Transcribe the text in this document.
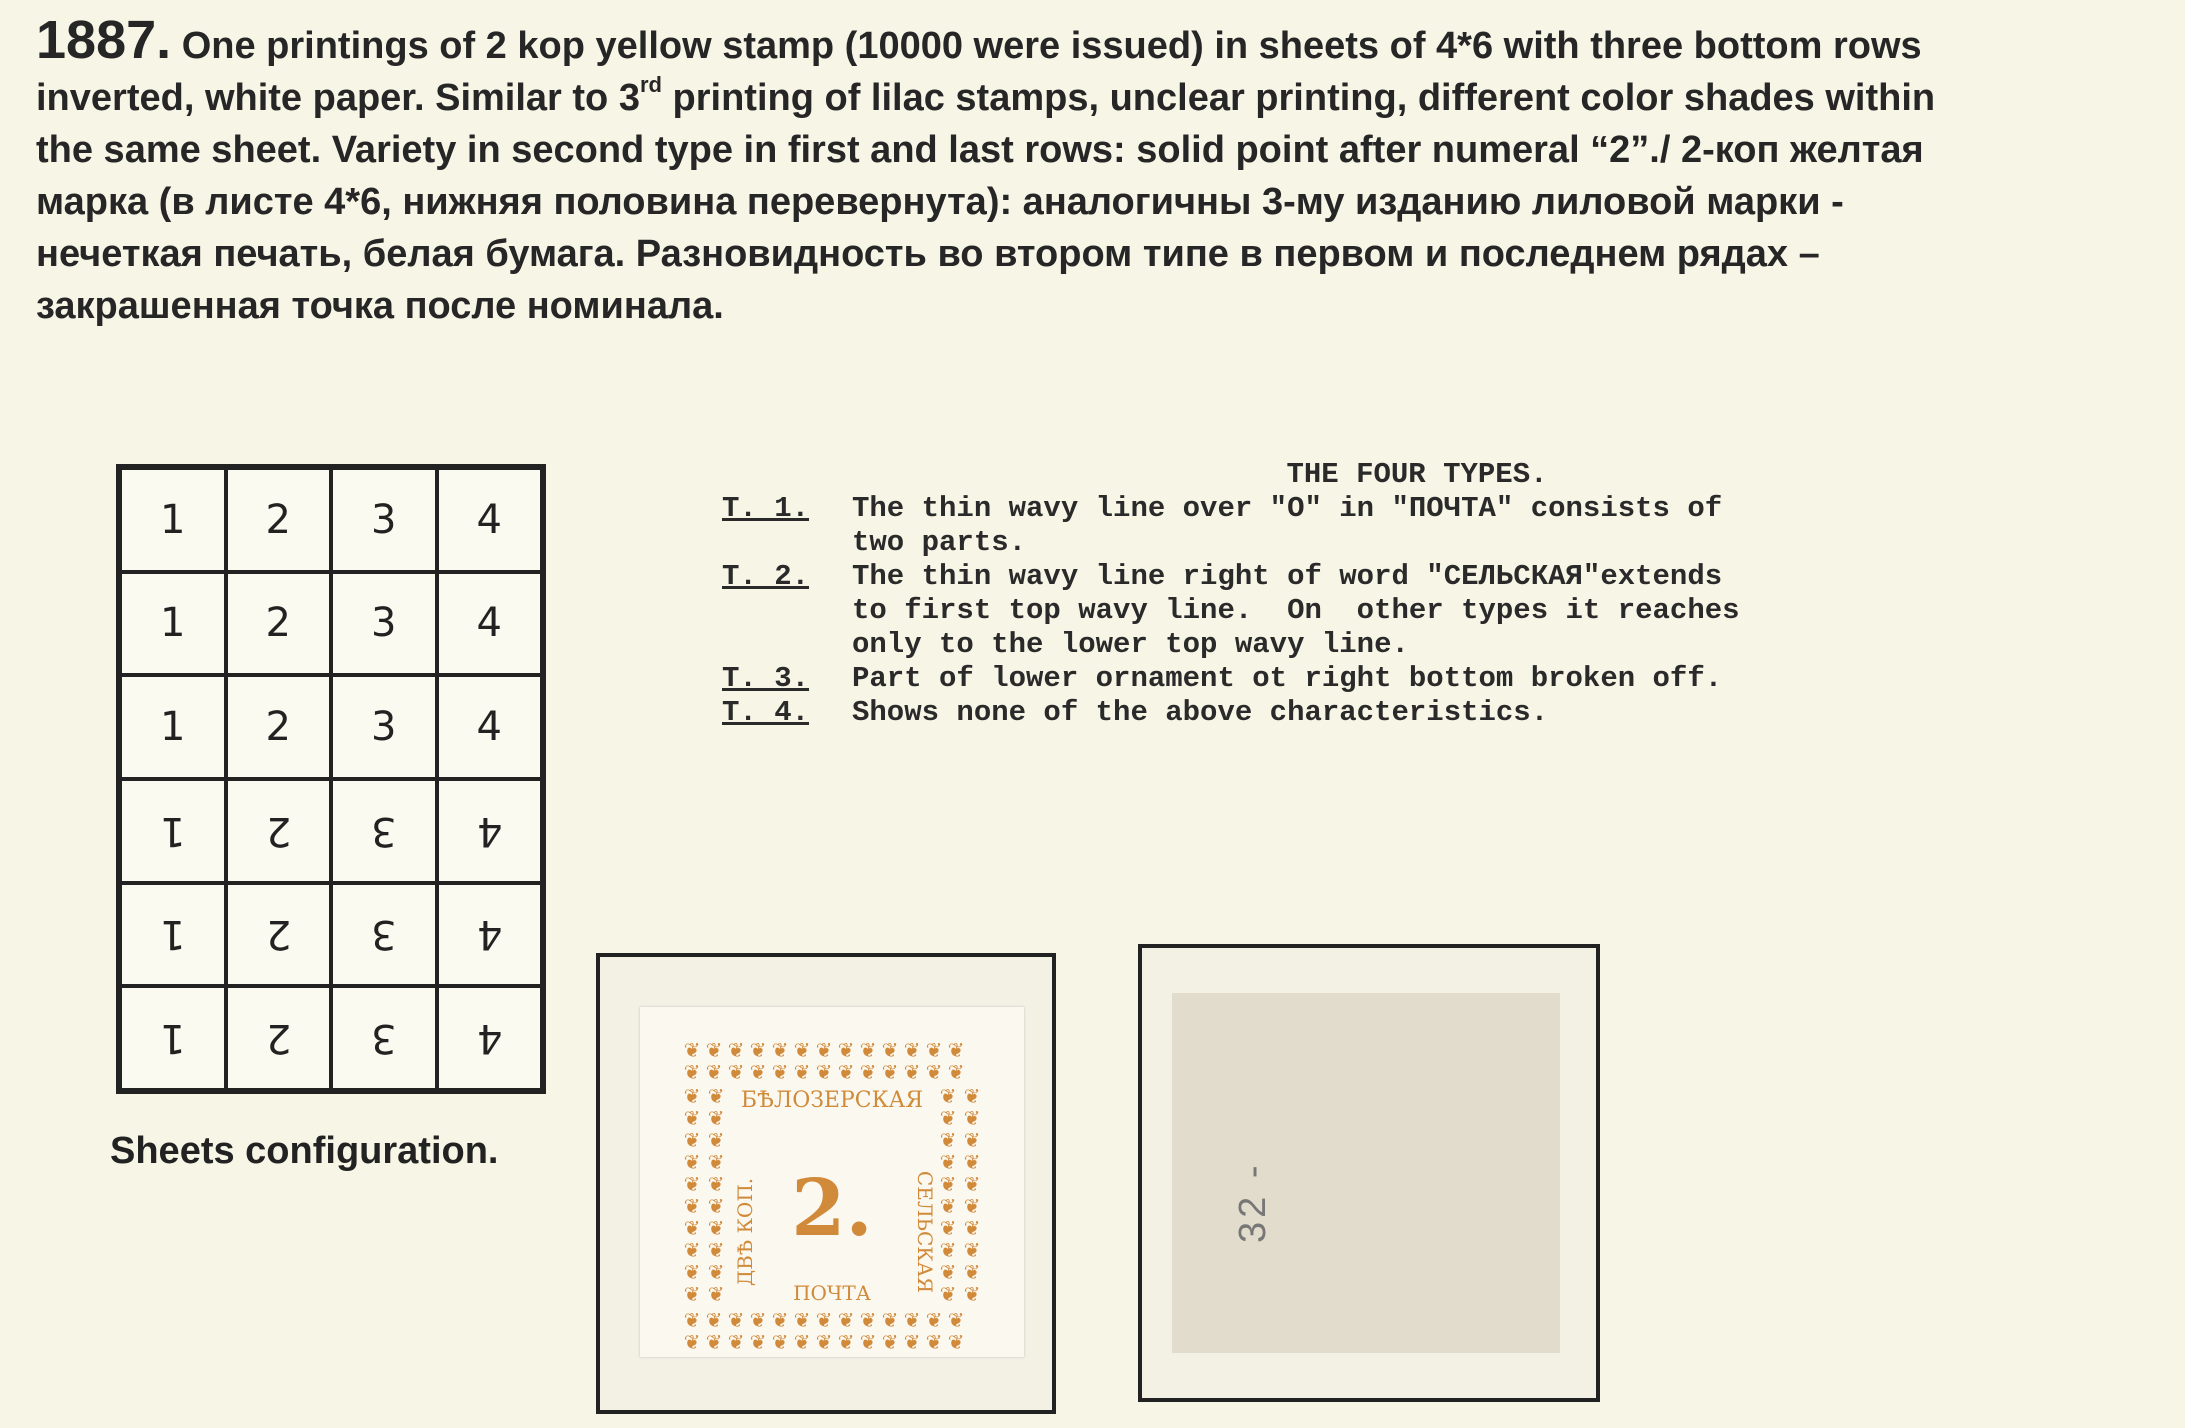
1887. One printings of 2 kop yellow stamp (10000 were issued) in sheets of 4*6 with three bottom rows
inverted, white paper. Similar to 3rd printing of lilac stamps, unclear printing, different color shades within
the same sheet. Variety in second type in first and last rows: solid point after numeral “2”./ 2-коп желтая
марка (в листе 4*6, нижняя половина перевернута): аналогичны 3-му изданию лиловой марки -
нечеткая печать, белая бумага. Разновидность во втором типе в первом и последнем рядах –
закрашенная точка после номинала.
1 2 3 4
1 2 3 4
1 2 3 4
1 2 3 4
1 2 3 4
1 2 3 4
Sheets configuration.
THE FOUR TYPES.
T. 1.	The thin wavy line over "O" in "ПОЧТА" consists of
two parts.
T. 2.	The thin wavy line right of word "СЕЛЬСКАЯ"extends
to first top wavy line.  On  other types it reaches
only to the lower top wavy line.
T. 3.	Part of lower ornament ot right bottom broken off.
T. 4.	Shows none of the above characteristics.
❦
❦
❦
❦
❦
❦
❦
❦
❦
❦
❦
❦
❦
❦
❦
❦
❦
❦
❦
❦
❦
❦
❦
❦
❦
❦
❦
❦
❦
❦
❦
❦
❦
❦
❦
❦
❦
❦
❦
❦
❦
❦
❦
❦
❦
❦
❦
❦
❦
❦
❦
❦
❦ ❦	❦ ❦
❦ ❦	❦ ❦
❦ ❦	❦ ❦
❦ ❦	❦ ❦
❦ ❦	❦ ❦
❦ ❦	❦ ❦
❦ ❦	❦ ❦
❦ ❦	❦ ❦
❦ ❦	❦ ❦
❦ ❦	❦ ❦
БѢЛОЗЕРСКАЯ
ДВѢ КОП.	СЕЛЬСКАЯ
2.
ПОЧТА
32 -
